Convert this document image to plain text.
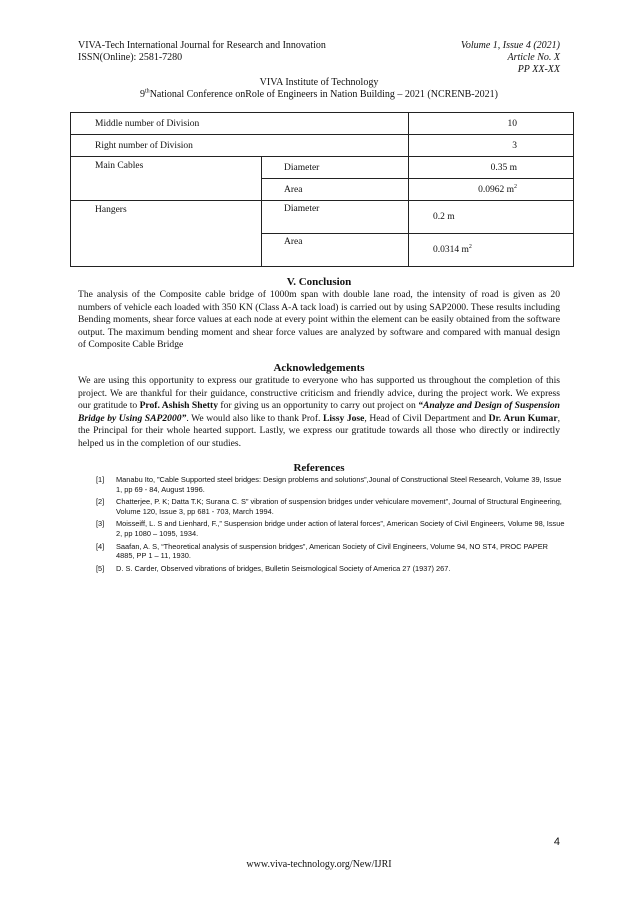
VIVA-Tech International Journal for Research and Innovation
ISSN(Online): 2581-7280
Volume 1, Issue 4 (2021)
Article No. X
PP XX-XX
VIVA Institute of Technology
9thNational Conference onRole of Engineers in Nation Building – 2021 (NCRENB-2021)
Middle number of Division		10
Right number of Division		3
Main Cables	Diameter	0.35 m
	Area	0.0962 $m^2$
Hangers	Diameter	0.2 m
	Area	0.0314 $m^2$
V. Conclusion

The analysis of the Composite cable bridge of 1000m span with double lane road, the intensity of road is given as 20 numbers of vehicle each loaded with 350 KN (Class A-A tack load) is carried out by using SAP2000. These results including Bending moments, shear force values at each node at every point within the element can be easily obtained from the software output. The maximum bending moment and shear force values are analyzed by software and compared with manual design of Composite Cable Bridge

Acknowledgements

We are using this opportunity to express our gratitude to everyone who has supported us throughout the completion of this project. We are thankful for their guidance, constructive criticism and friendly advice, during the project work. We express our gratitude to Prof. Ashish Shetty for giving us an opportunity to carry out project on “Analyze and Design of Suspension Bridge by Using SAP2000”. We would also like to thank Prof. Lissy Jose, Head of Civil Department and Dr. Arun Kumar, the Principal for their whole hearted support. Lastly, we express our gratitude towards all those who directly or indirectly helped us in the completion of our studies.

References
[1] Manabu Ito, ”Cable Supported steel bridges: Design problems and solutions”,Jounal of Constructional Steel Research, Volume 39, Issue 1, pp 69 - 84, August 1996.
[2] Chatterjee, P. K; Datta T.K; Surana C. S” vibration of suspension bridges under vehiculare movement”, Journal of Structural Engineering, Volume 120, Issue 3, pp 681 - 703, March 1994.
[3] Moisseiff, L. S and Lienhard, F.,” Suspension bridge under action of lateral forces”, American Society of Civil Engineers, Volume 98, Issue 2, pp 1080 – 1095, 1934.
[4] Saafan, A. S, “Theoretical analysis of suspension bridges”, American Society of Civil Engineers, Volume 94, NO ST4, PROC PAPER 4885, PP 1 – 11, 1930.
[5] D. S. Carder, Observed vibrations of bridges, Bulletin Seismological Society of America 27 (1937) 267.
4
www.viva-technology.org/New/IJRI
